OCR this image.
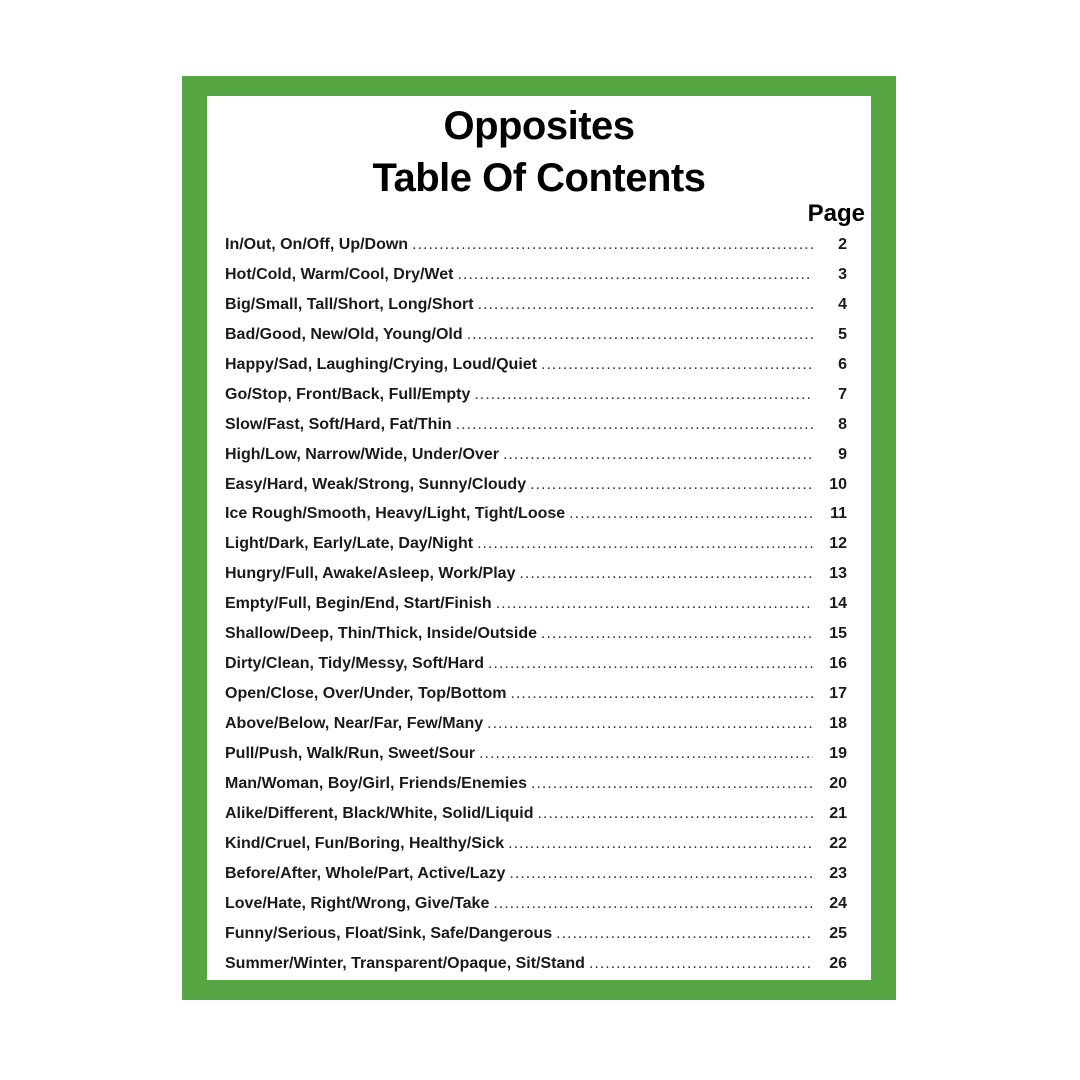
Opposites
Table Of Contents
Page
In/Out, On/Off, Up/Down .....	2
Hot/Cold, Warm/Cool, Dry/Wet .....	3
Big/Small, Tall/Short, Long/Short .....	4
Bad/Good, New/Old, Young/Old .....	5
Happy/Sad, Laughing/Crying, Loud/Quiet .....	6
Go/Stop, Front/Back, Full/Empty .....	7
Slow/Fast, Soft/Hard, Fat/Thin .....	8
High/Low, Narrow/Wide, Under/Over .....	9
Easy/Hard, Weak/Strong, Sunny/Cloudy .....	10
Ice Rough/Smooth, Heavy/Light, Tight/Loose .....	11
Light/Dark, Early/Late, Day/Night .....	12
Hungry/Full, Awake/Asleep, Work/Play .....	13
Empty/Full, Begin/End, Start/Finish .....	14
Shallow/Deep, Thin/Thick, Inside/Outside .....	15
Dirty/Clean, Tidy/Messy, Soft/Hard .....	16
Open/Close, Over/Under, Top/Bottom .....	17
Above/Below, Near/Far, Few/Many .....	18
Pull/Push, Walk/Run, Sweet/Sour .....	19
Man/Woman, Boy/Girl, Friends/Enemies .....	20
Alike/Different, Black/White, Solid/Liquid .....	21
Kind/Cruel, Fun/Boring, Healthy/Sick .....	22
Before/After, Whole/Part, Active/Lazy .....	23
Love/Hate, Right/Wrong, Give/Take .....	24
Funny/Serious, Float/Sink, Safe/Dangerous .....	25
Summer/Winter, Transparent/Opaque, Sit/Stand .....	26
